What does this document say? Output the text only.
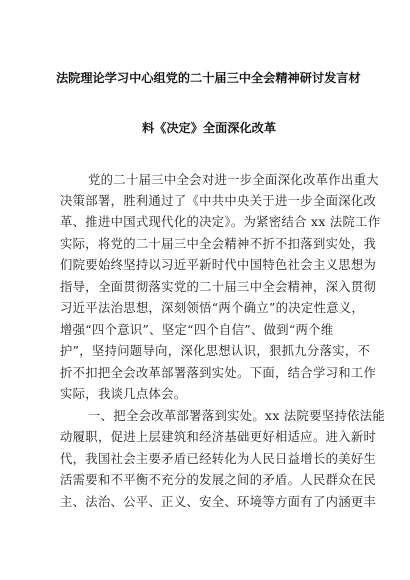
法院理论学习中心组党的二十届三中全会精神研讨发言材
料《决定》全面深化改革
党的二十届三中全会对进一步全面深化改革作出重大
决策部署，胜利通过了《中共中央关于进一步全面深化改
革、推进中国式现代化的决定》。为紧密结合 xx 法院工作
实际，将党的二十届三中全会精神不折不扣落到实处，我
们院要始终坚持以习近平新时代中国特色社会主义思想为
指导，全面贯彻落实党的二十届三中全会精神，深入贯彻
习近平法治思想，深刻领悟“两个确立”的决定性意义，
增强“四个意识”、坚定“四个自信”、做到“两个维
护”，坚持问题导向，深化思想认识，狠抓九分落实，不
折不扣把全会改革部署落到实处。下面，结合学习和工作
实际，我谈几点体会。
一、把全会改革部署落到实处。xx 法院要坚持依法能
动履职，促进上层建筑和经济基础更好相适应。进入新时
代，我国社会主要矛盾已经转化为人民日益增长的美好生
活需要和不平衡不充分的发展之间的矛盾。人民群众在民
主、法治、公平、正义、安全、环境等方面有了内涵更丰
